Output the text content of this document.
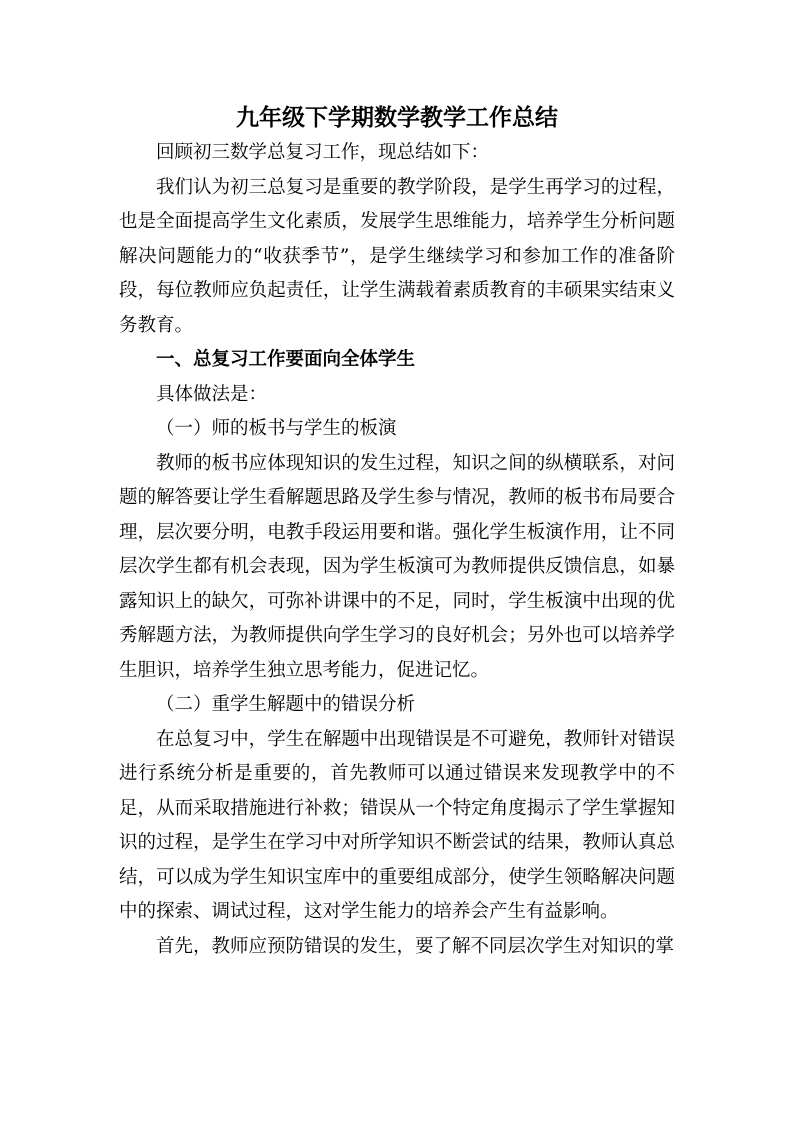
九年级下学期数学教学工作总结

回顾初三数学总复习工作，现总结如下：

我们认为初三总复习是重要的教学阶段，是学生再学习的过程，也是全面提高学生文化素质，发展学生思维能力，培养学生分析问题解决问题能力的“收获季节”，是学生继续学习和参加工作的准备阶段，每位教师应负起责任，让学生满载着素质教育的丰硕果实结束义务教育。

一、总复习工作要面向全体学生

具体做法是：

（一）师的板书与学生的板演

教师的板书应体现知识的发生过程，知识之间的纵横联系，对问题的解答要让学生看解题思路及学生参与情况，教师的板书布局要合理，层次要分明，电教手段运用要和谐。强化学生板演作用，让不同层次学生都有机会表现，因为学生板演可为教师提供反馈信息，如暴露知识上的缺欠，可弥补讲课中的不足，同时，学生板演中出现的优秀解题方法，为教师提供向学生学习的良好机会；另外也可以培养学生胆识，培养学生独立思考能力，促进记忆。

（二）重学生解题中的错误分析

在总复习中，学生在解题中出现错误是不可避免，教师针对错误进行系统分析是重要的，首先教师可以通过错误来发现教学中的不足，从而采取措施进行补救；错误从一个特定角度揭示了学生掌握知识的过程，是学生在学习中对所学知识不断尝试的结果，教师认真总结，可以成为学生知识宝库中的重要组成部分，使学生领略解决问题中的探索、调试过程，这对学生能力的培养会产生有益影响。

首先，教师应预防错误的发生，要了解不同层次学生对知识的掌
